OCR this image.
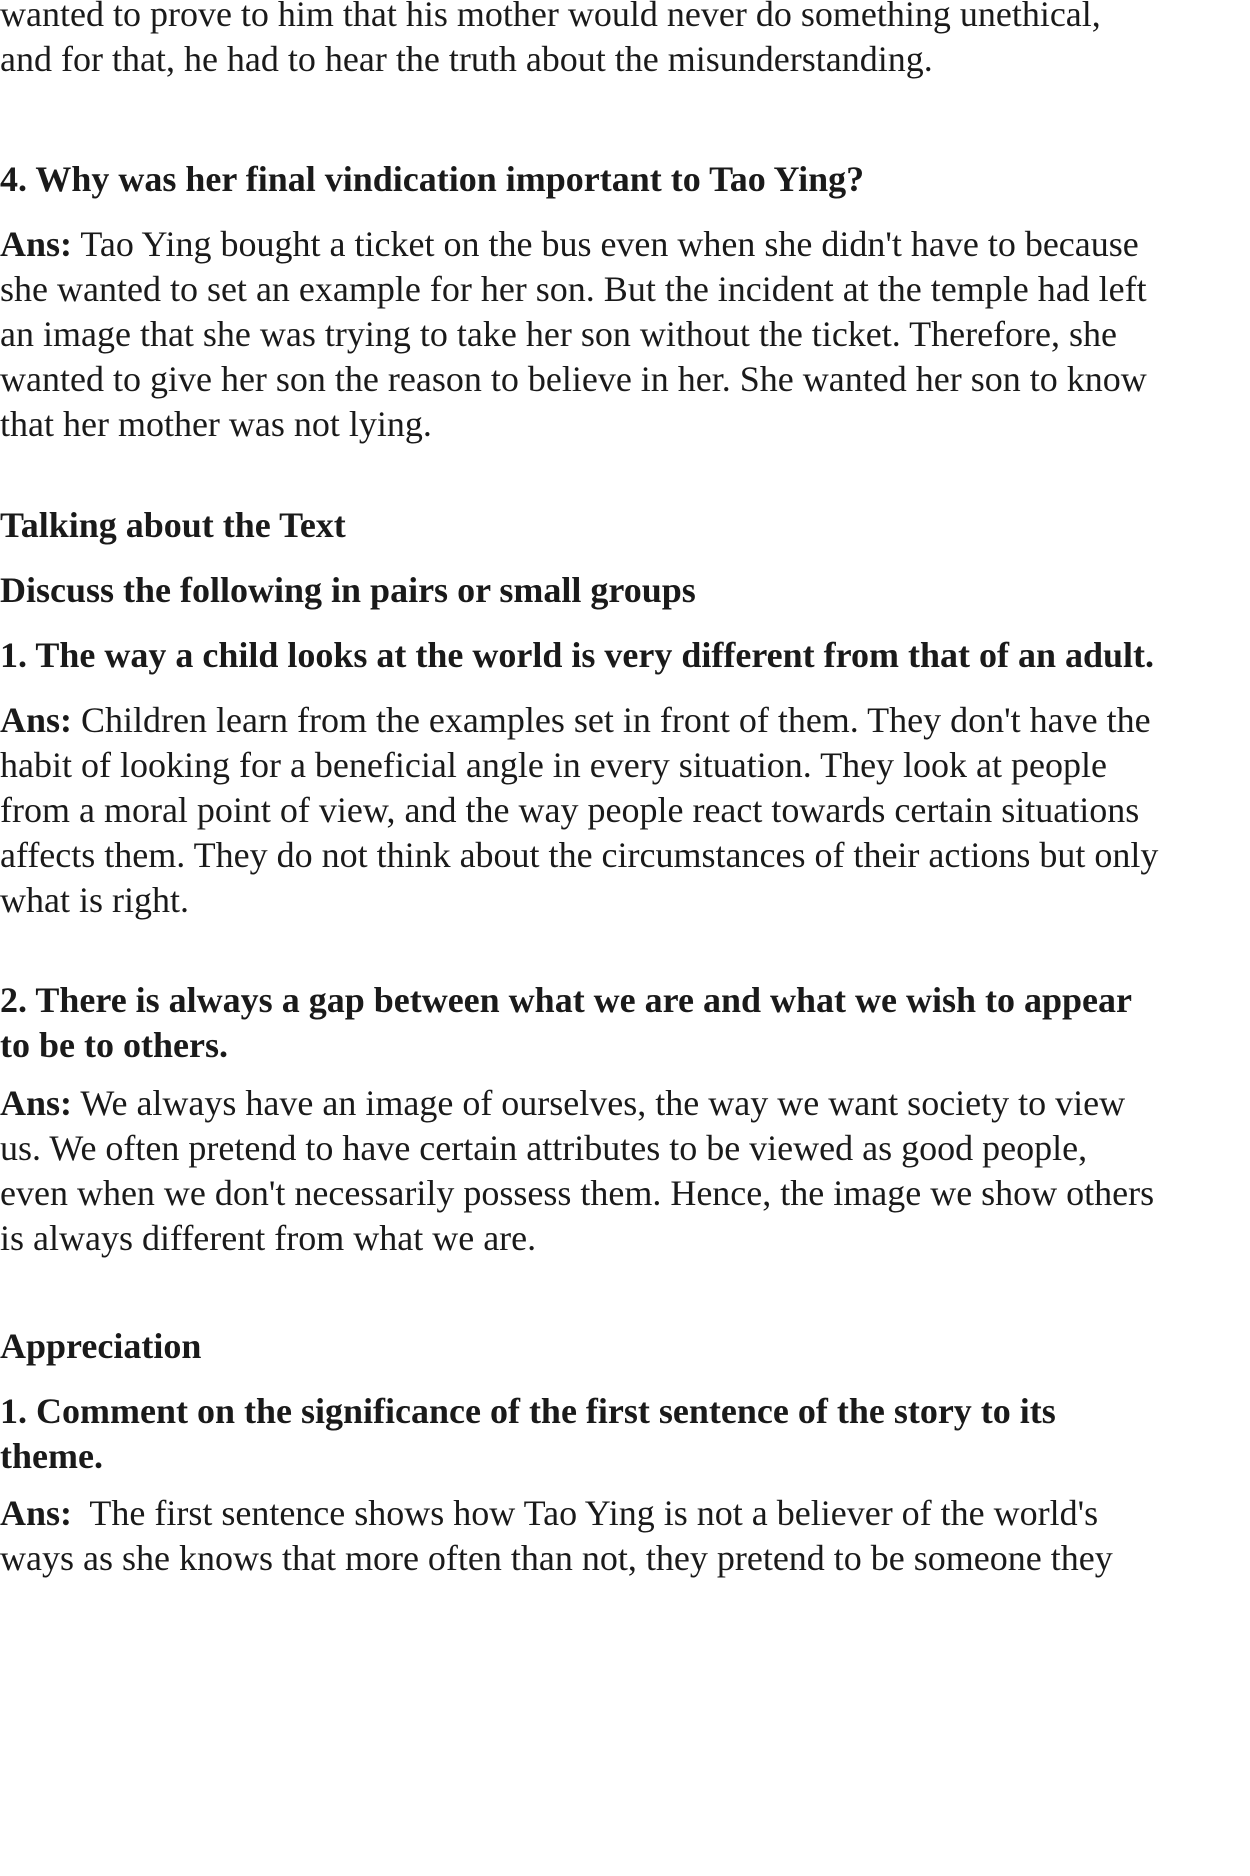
wanted to prove to him that his mother would never do something unethical,
and for that, he had to hear the truth about the misunderstanding.
4. Why was her final vindication important to Tao Ying?
Ans: Tao Ying bought a ticket on the bus even when she didn't have to because
she wanted to set an example for her son. But the incident at the temple had left
an image that she was trying to take her son without the ticket. Therefore, she
wanted to give her son the reason to believe in her. She wanted her son to know
that her mother was not lying.
Talking about the Text
Discuss the following in pairs or small groups
1. The way a child looks at the world is very different from that of an adult.
Ans: Children learn from the examples set in front of them. They don't have the
habit of looking for a beneficial angle in every situation. They look at people
from a moral point of view, and the way people react towards certain situations
affects them. They do not think about the circumstances of their actions but only
what is right.
2. There is always a gap between what we are and what we wish to appear
to be to others.
Ans: We always have an image of ourselves, the way we want society to view
us. We often pretend to have certain attributes to be viewed as good people,
even when we don't necessarily possess them. Hence, the image we show others
is always different from what we are.
Appreciation
1. Comment on the significance of the first sentence of the story to its
theme.
Ans:  The first sentence shows how Tao Ying is not a believer of the world's
ways as she knows that more often than not, they pretend to be someone they
